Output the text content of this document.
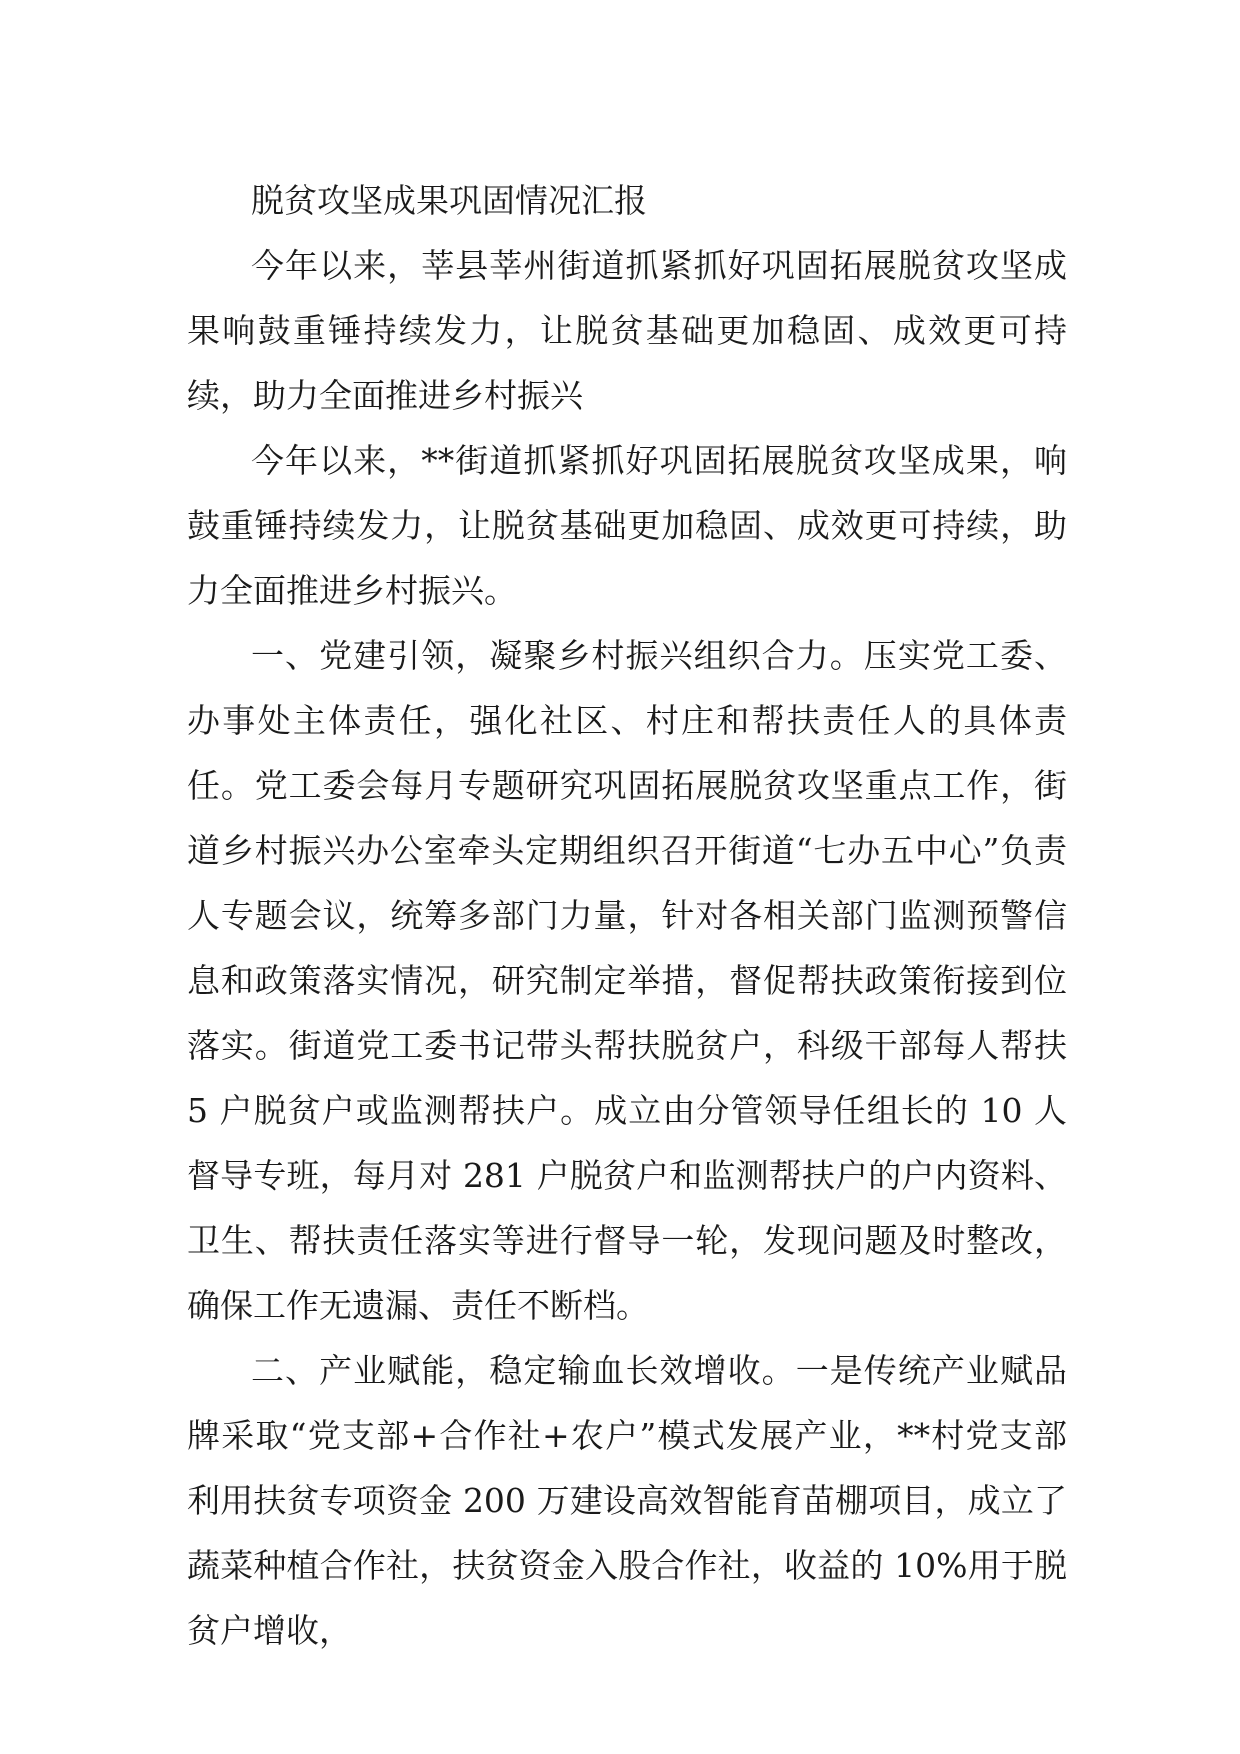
脱贫攻坚成果巩固情况汇报

今年以来，莘县莘州街道抓紧抓好巩固拓展脱贫攻坚成果响鼓重锤持续发力，让脱贫基础更加稳固、成效更可持续，助力全面推进乡村振兴

今年以来，**街道抓紧抓好巩固拓展脱贫攻坚成果，响鼓重锤持续发力，让脱贫基础更加稳固、成效更可持续，助力全面推进乡村振兴。

一、党建引领，凝聚乡村振兴组织合力。压实党工委、办事处主体责任，强化社区、村庄和帮扶责任人的具体责任。党工委会每月专题研究巩固拓展脱贫攻坚重点工作，街道乡村振兴办公室牵头定期组织召开街道“七办五中心”负责人专题会议，统筹多部门力量，针对各相关部门监测预警信息和政策落实情况，研究制定举措，督促帮扶政策衔接到位落实。街道党工委书记带头帮扶脱贫户，科级干部每人帮扶 5 户脱贫户或监测帮扶户。成立由分管领导任组长的 10 人督导专班，每月对 281 户脱贫户和监测帮扶户的户内资料、卫生、帮扶责任落实等进行督导一轮，发现问题及时整改，确保工作无遗漏、责任不断档。

二、产业赋能，稳定输血长效增收。一是传统产业赋品牌采取“党支部+合作社+农户”模式发展产业，**村党支部利用扶贫专项资金 200 万建设高效智能育苗棚项目，成立了蔬菜种植合作社，扶贫资金入股合作社，收益的 10%用于脱贫户增收，
